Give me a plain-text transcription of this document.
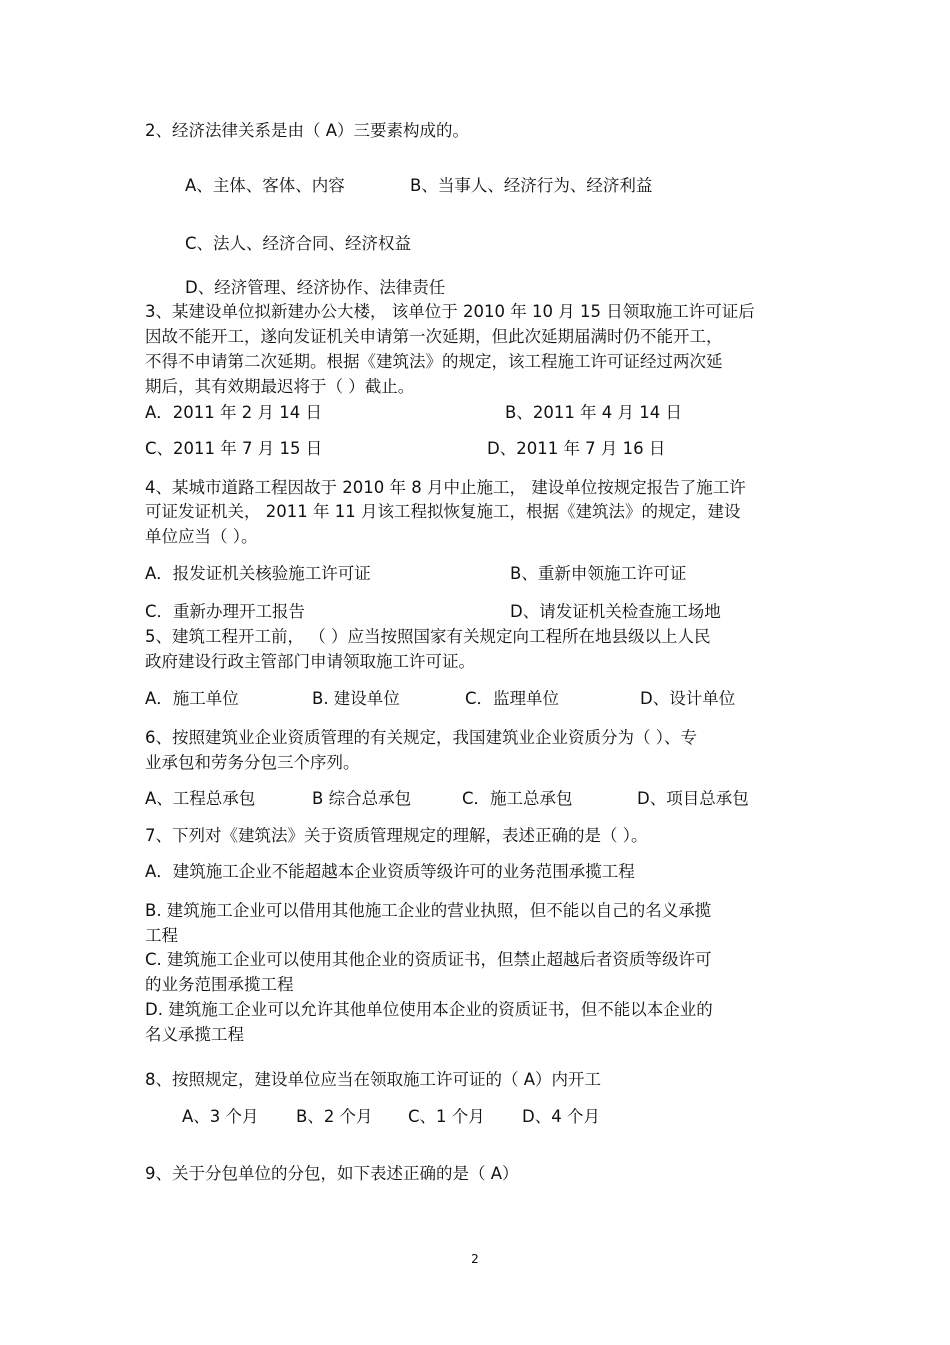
2、经济法律关系是由（ A）三要素构成的。
A、主体、客体、内容	B、当事人、经济行为、经济利益
C、法人、经济合同、经济权益
D、经济管理、经济协作、法律责任
3、某建设单位拟新建办公大楼， 该单位于 2010 年 10 月 15 日领取施工许可证后
因故不能开工，遂向发证机关申请第一次延期，但此次延期届满时仍不能开工，
不得不申请第二次延期。根据《建筑法》的规定，该工程施工许可证经过两次延
期后，其有效期最迟将于（ ）截止。
A．2011 年 2 月 14 日	B、2011 年 4 月 14 日
C、2011 年 7 月 15 日	D、2011 年 7 月 16 日
4、某城市道路工程因故于 2010 年 8 月中止施工， 建设单位按规定报告了施工许
可证发证机关， 2011 年 11 月该工程拟恢复施工，根据《建筑法》的规定，建设
单位应当（ ）。
A．报发证机关核验施工许可证	B、重新申领施工许可证
C．重新办理开工报告	D、请发证机关检查施工场地
5、建筑工程开工前， （ ）应当按照国家有关规定向工程所在地县级以上人民
政府建设行政主管部门申请领取施工许可证。
A．施工单位	B. 建设单位	C．监理单位	D、设计单位
6、按照建筑业企业资质管理的有关规定，我国建筑业企业资质分为（ ）、专
业承包和劳务分包三个序列。
A、工程总承包	B 综合总承包	C．施工总承包	D、项目总承包
7、下列对《建筑法》关于资质管理规定的理解，表述正确的是（ ）。
A．建筑施工企业不能超越本企业资质等级许可的业务范围承揽工程
B. 建筑施工企业可以借用其他施工企业的营业执照，但不能以自己的名义承揽
工程
C. 建筑施工企业可以使用其他企业的资质证书，但禁止超越后者资质等级许可
的业务范围承揽工程
D. 建筑施工企业可以允许其他单位使用本企业的资质证书，但不能以本企业的
名义承揽工程
8、按照规定，建设单位应当在领取施工许可证的（ A）内开工
A、3 个月 B、2 个月 C、1 个月 D、4 个月
9、关于分包单位的分包，如下表述正确的是（ A）
2
